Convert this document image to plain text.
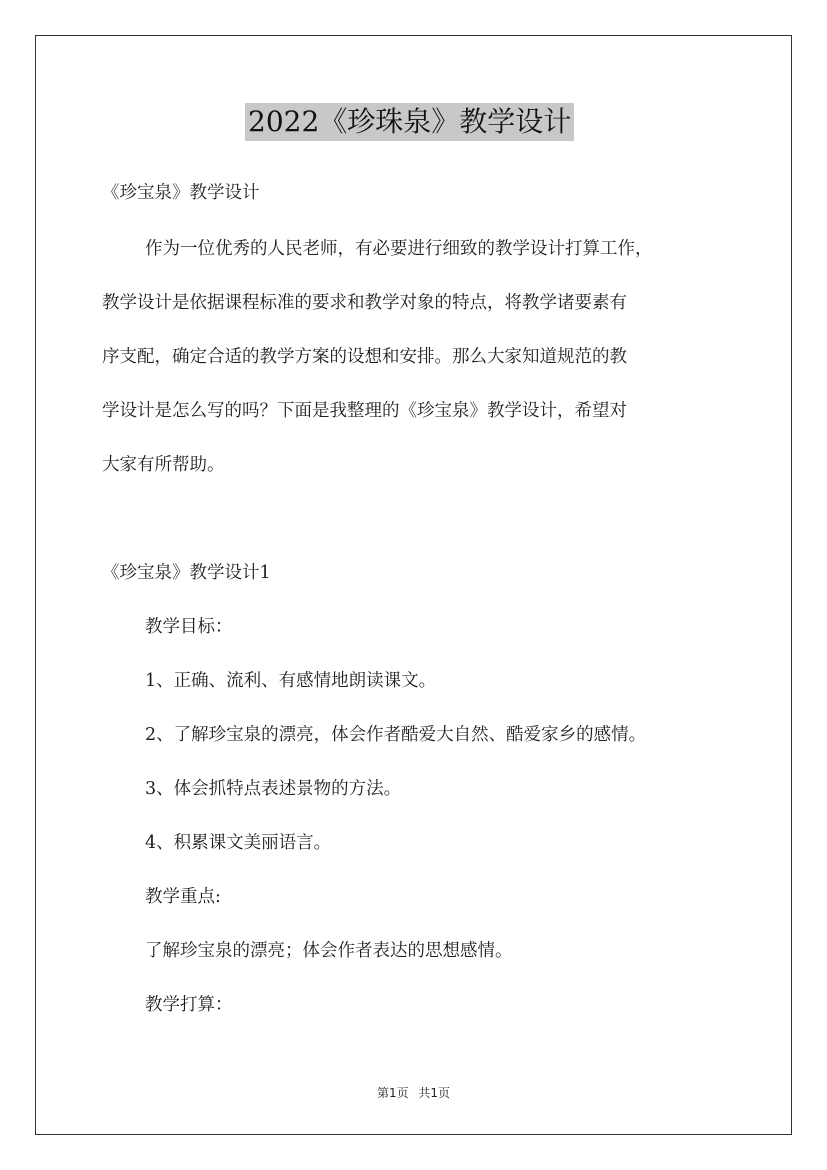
2022《珍珠泉》教学设计
《珍宝泉》教学设计
作为一位优秀的人民老师，有必要进行细致的教学设计打算工作，
教学设计是依据课程标准的要求和教学对象的特点，将教学诸要素有
序支配，确定合适的教学方案的设想和安排。那么大家知道规范的教
学设计是怎么写的吗？下面是我整理的《珍宝泉》教学设计，希望对
大家有所帮助。
《珍宝泉》教学设计1
教学目标：
1、正确、流利、有感情地朗读课文。
2、了解珍宝泉的漂亮，体会作者酷爱大自然、酷爱家乡的感情。
3、体会抓特点表述景物的方法。
4、积累课文美丽语言。
教学重点:
了解珍宝泉的漂亮；体会作者表达的思想感情。
教学打算：
第1页 共1页
